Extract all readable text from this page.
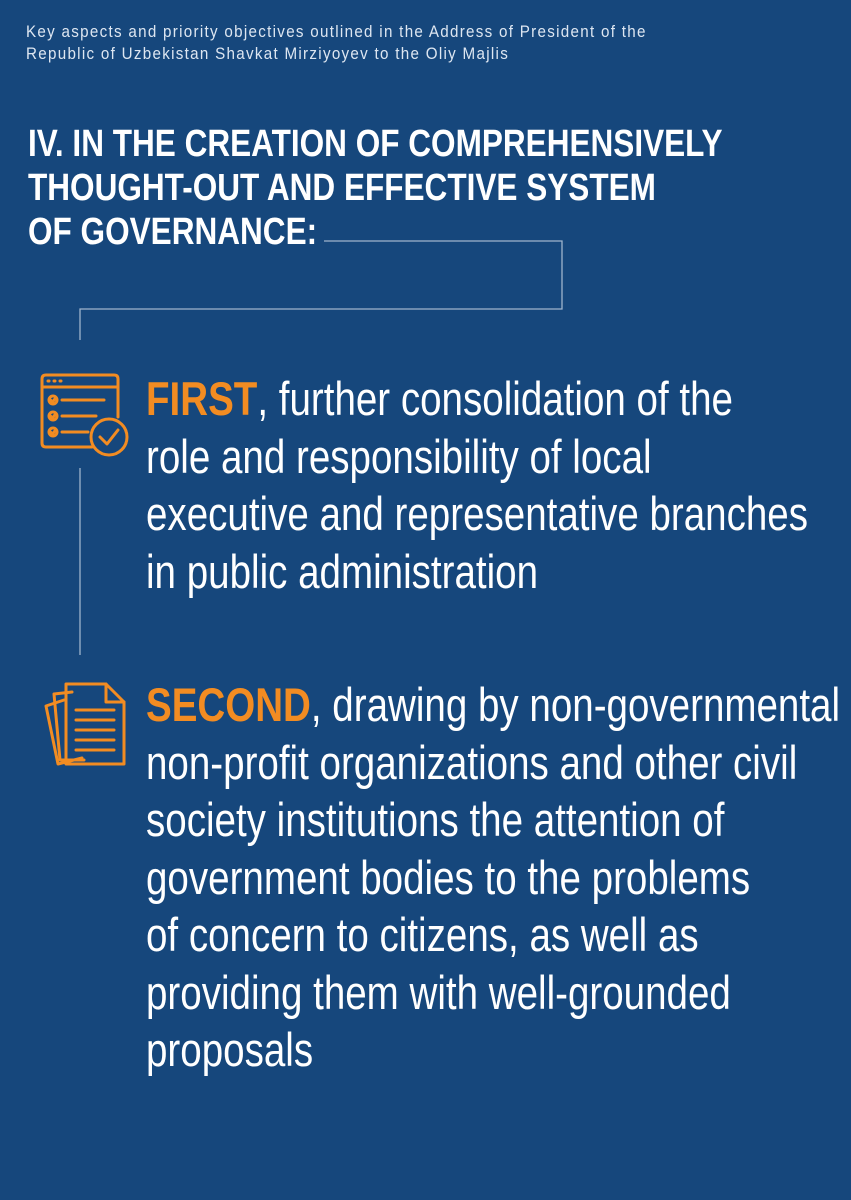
Key aspects and priority objectives outlined in the Address of President of the
Republic of Uzbekistan Shavkat Mirziyoyev to the Oliy Majlis
IV. IN THE CREATION OF COMPREHENSIVELY
THOUGHT-OUT AND EFFECTIVE SYSTEM
OF GOVERNANCE:
FIRST, further consolidation of the
role and responsibility of local
executive and representative branches
in public administration
SECOND, drawing by non-governmental
non-profit organizations and other civil
society institutions the attention of
government bodies to the problems
of concern to citizens, as well as
providing them with well-grounded
proposals
